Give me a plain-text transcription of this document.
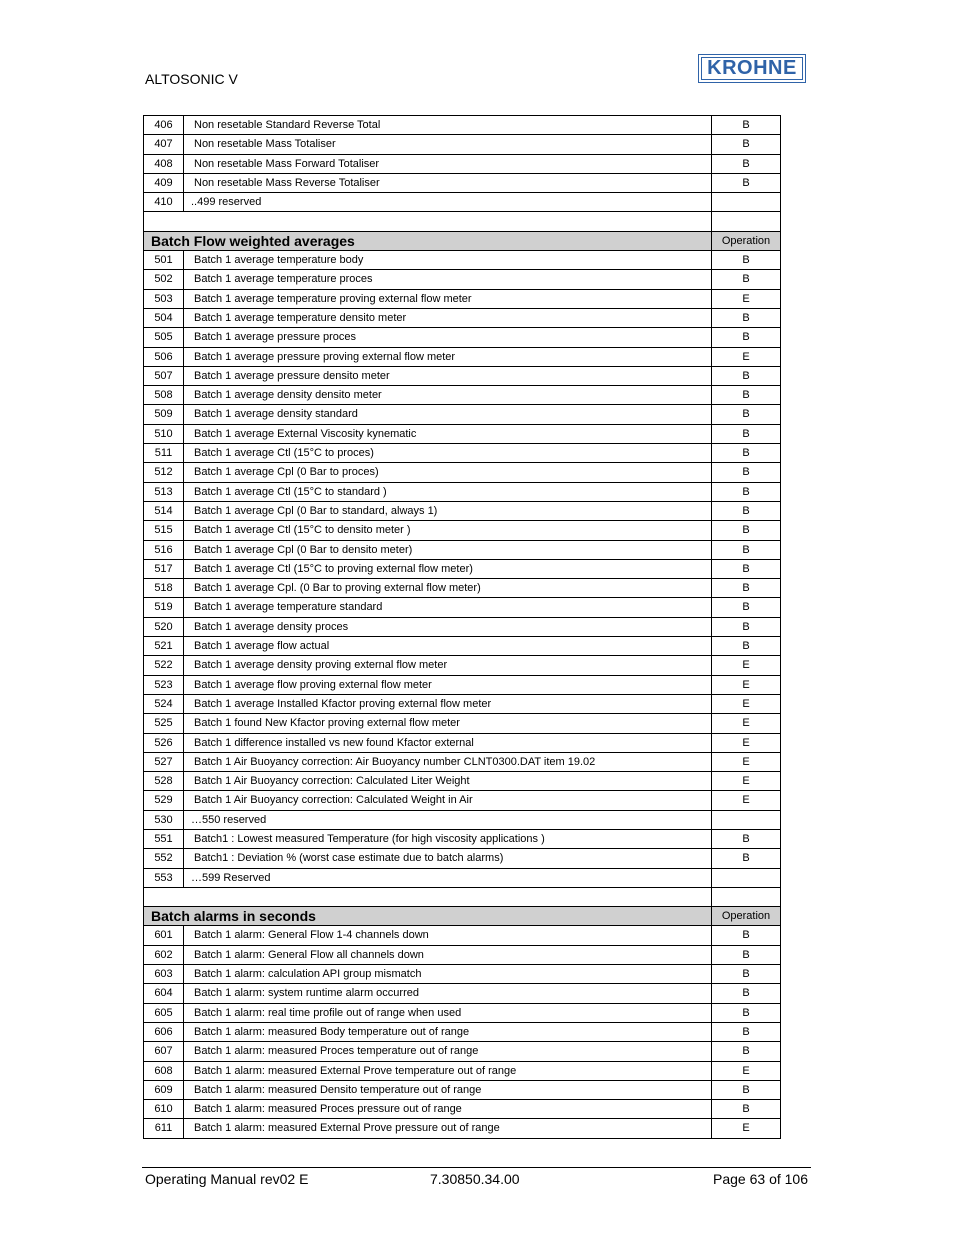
ALTOSONIC V	KROHNE
406	Non resetable Standard Reverse Total	B
407	Non resetable Mass Totaliser	B
408	Non resetable Mass Forward Totaliser	B
409	Non resetable Mass Reverse Totaliser	B
410	..499 reserved	

Batch Flow weighted averages		Operation
501	Batch 1 average temperature body	B
502	Batch 1 average temperature proces	B
503	Batch 1 average temperature proving external flow meter	E
504	Batch 1 average temperature densito meter	B
505	Batch 1 average pressure proces	B
506	Batch 1 average pressure proving external flow meter	E
507	Batch 1 average pressure densito meter	B
508	Batch 1 average density densito meter	B
509	Batch 1 average density standard	B
510	Batch 1 average External Viscosity kynematic	B
511	Batch 1 average Ctl (15°C to proces)	B
512	Batch 1 average Cpl (0 Bar to proces)	B
513	Batch 1 average Ctl (15°C to standard )	B
514	Batch 1 average Cpl (0 Bar to standard, always 1)	B
515	Batch 1 average Ctl (15°C to densito meter )	B
516	Batch 1 average Cpl (0 Bar to densito meter)	B
517	Batch 1 average Ctl (15°C to proving external flow meter)	B
518	Batch 1 average Cpl. (0 Bar to proving external flow meter)	B
519	Batch 1 average temperature standard	B
520	Batch 1 average density proces	B
521	Batch 1 average flow actual	B
522	Batch 1 average density proving external flow meter	E
523	Batch 1 average flow proving external flow meter	E
524	Batch 1 average Installed Kfactor proving external flow meter	E
525	Batch 1 found New Kfactor proving external flow meter	E
526	Batch 1 difference installed vs new found Kfactor external	E
527	Batch 1 Air Buoyancy correction: Air Buoyancy number CLNT0300.DAT item 19.02	E
528	Batch 1 Air Buoyancy correction: Calculated Liter Weight	E
529	Batch 1 Air Buoyancy correction: Calculated Weight in Air	E
530	…550 reserved	
551	Batch1 : Lowest measured Temperature (for high viscosity applications )	B
552	Batch1 : Deviation % (worst case estimate due to batch alarms)	B
553	…599 Reserved	

Batch alarms in seconds		Operation
601	Batch 1 alarm: General Flow 1-4 channels down	B
602	Batch 1 alarm: General Flow all channels down	B
603	Batch 1 alarm: calculation API group mismatch	B
604	Batch 1 alarm: system runtime alarm occurred	B
605	Batch 1 alarm: real time profile out of range when used	B
606	Batch 1 alarm: measured Body temperature out of range	B
607	Batch 1 alarm: measured Proces temperature out of range	B
608	Batch 1 alarm: measured External Prove temperature out of range	E
609	Batch 1 alarm: measured Densito temperature out of range	B
610	Batch 1 alarm: measured Proces pressure out of range	B
611	Batch 1 alarm: measured External Prove pressure out of range	E
Operating Manual rev02 E	7.30850.34.00	Page 63 of 106
